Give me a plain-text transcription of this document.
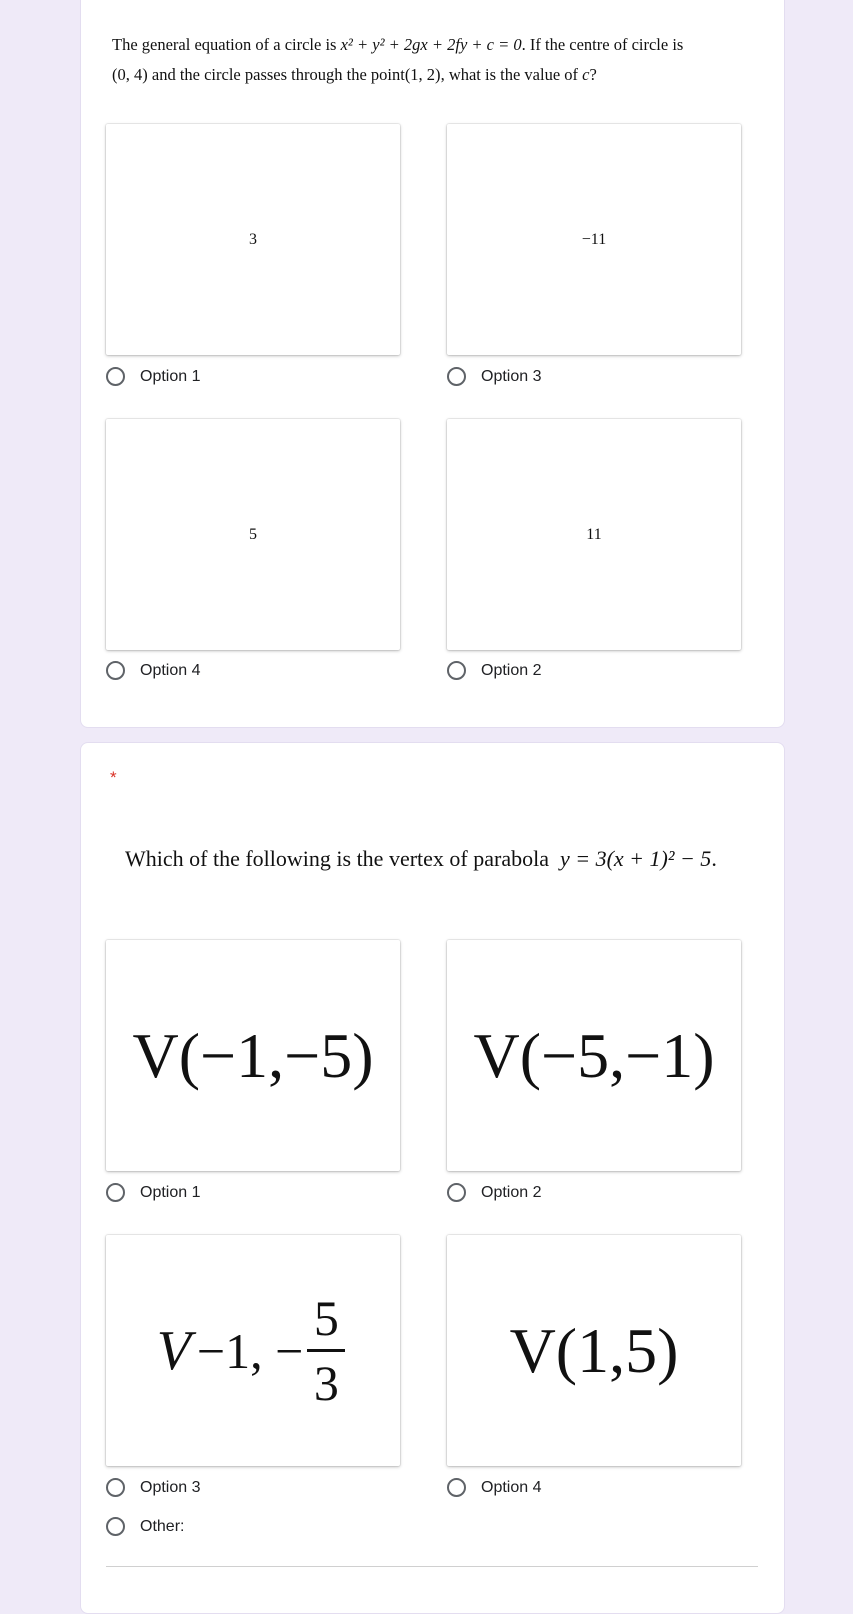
The general equation of a circle is x² + y² + 2gx + 2fy + c = 0. If the centre of circle is
(0, 4) and the circle passes through the point(1, 2), what is the value of c?
3	−11
Option 1	Option 3
5	11
Option 4	Option 2
*
Which of the following is the vertex of parabola y = 3(x + 1)² − 5.
V(−1,−5) V(−5,−1)
Option 1	Option 2
V −1, − $\frac{5}{3}$	V(1,5)
Option 3	Option 4
Other:
